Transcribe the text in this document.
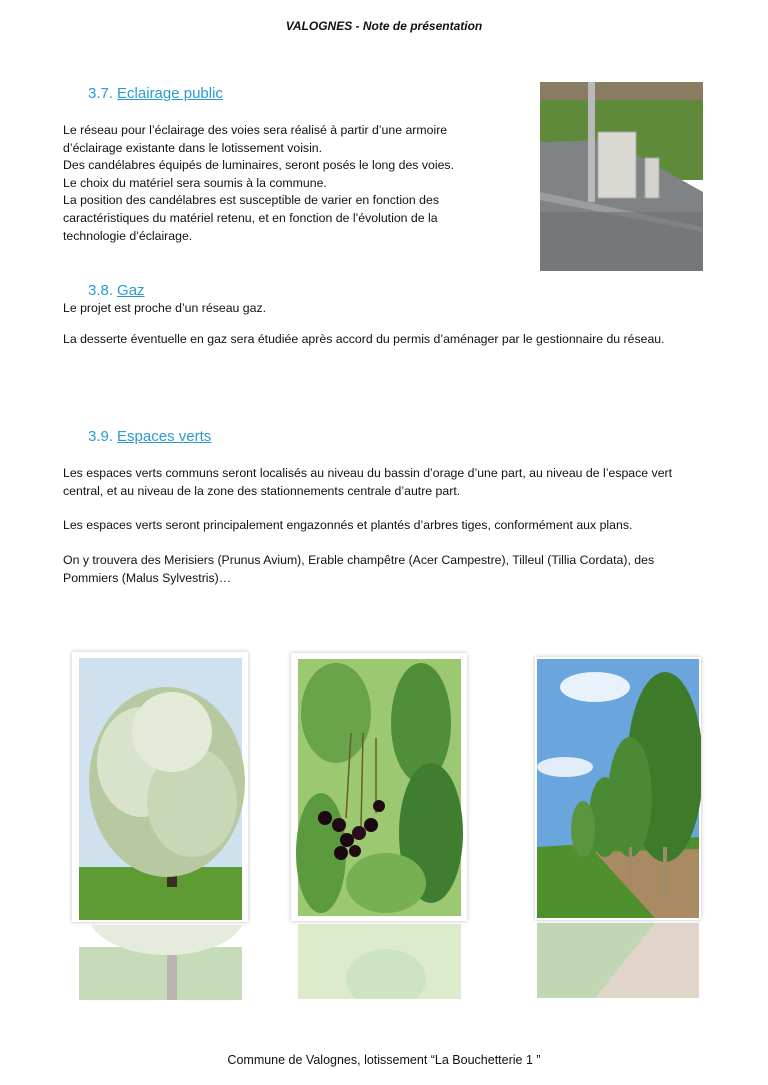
VALOGNES - Note de présentation
3.7. Eclairage public
Le réseau pour l’éclairage des voies sera réalisé à partir d’une armoire
d’éclairage existante dans le lotissement voisin.
Des candélabres équipés de luminaires, seront posés le long des voies.
Le choix du matériel sera soumis à la commune.
La position des candélabres est susceptible de varier en fonction des
caractéristiques du matériel retenu, et en fonction de l’évolution de la
technologie d’éclairage.
3.8. Gaz
Le projet est proche d’un réseau gaz.
La desserte éventuelle en gaz sera étudiée après accord du permis d’aménager par le gestionnaire du réseau.
3.9. Espaces verts
Les espaces verts communs seront localisés au niveau du bassin d’orage d’une part, au niveau de l’espace vert
central, et au niveau de la zone des stationnements centrale d’autre part.
Les espaces verts seront principalement engazonnés et plantés d’arbres tiges, conformément aux plans.
On y trouvera des Merisiers (Prunus Avium), Erable champêtre (Acer Campestre), Tilleul (Tillia Cordata), des
Pommiers (Malus Sylvestris)…
Commune de Valognes, lotissement “La Bouchetterie 1 ”
